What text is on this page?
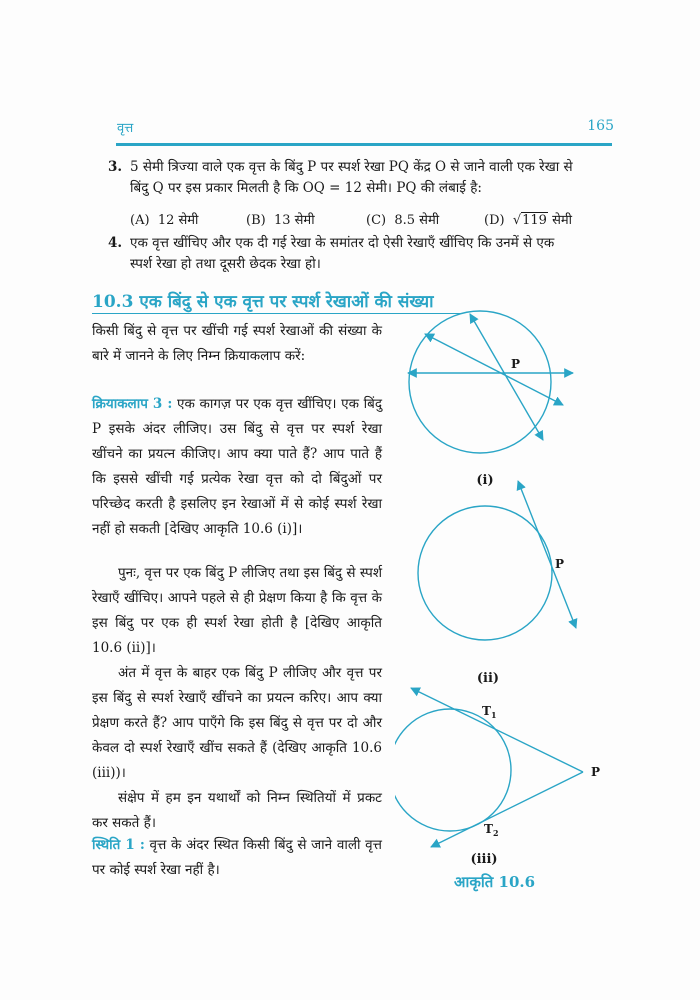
वृत्त	165
3. 5 सेमी त्रिज्या वाले एक वृत्त के बिंदु P पर स्पर्श रेखा PQ केंद्र O से जाने वाली एक रेखा से
बिंदु Q पर इस प्रकार मिलती है कि OQ = 12 सेमी। PQ की लंबाई है:
(A) 12 सेमी	(B) 13 सेमी	(C) 8.5 सेमी	(D)  √119 सेमी
4. एक वृत्त खींचिए और एक दी गई रेखा के समांतर दो ऐसी रेखाएँ खींचिए कि उनमें से एक
स्पर्श रेखा हो तथा दूसरी छेदक रेखा हो।
10.3 एक बिंदु से एक वृत्त पर स्पर्श रेखाओं की संख्या
किसी बिंदु से वृत्त पर खींची गई स्पर्श रेखाओं की संख्या के बारे में जानने के लिए निम्न क्रियाकलाप करें:
क्रियाकलाप 3 : एक कागज़ पर एक वृत्त खींचिए। एक बिंदु P इसके अंदर लीजिए। उस बिंदु से वृत्त पर स्पर्श रेखा खींचने का प्रयत्न कीजिए। आप क्या पाते हैं? आप पाते हैं कि इससे खींची गई प्रत्येक रेखा वृत्त को दो बिंदुओं पर परिच्छेद करती है इसलिए इन रेखाओं में से कोई स्पर्श रेखा नहीं हो सकती [देखिए आकृति 10.6 (i)]।
पुनः, वृत्त पर एक बिंदु P लीजिए तथा इस बिंदु से स्पर्श रेखाएँ खींचिए। आपने पहले से ही प्रेक्षण किया है कि वृत्त के इस बिंदु पर एक ही स्पर्श रेखा होती है [देखिए आकृति 10.6 (ii)]।
अंत में वृत्त के बाहर एक बिंदु P लीजिए और वृत्त पर इस बिंदु से स्पर्श रेखाएँ खींचने का प्रयत्न करिए। आप क्या प्रेक्षण करते हैं? आप पाएँगे कि इस बिंदु से वृत्त पर दो और केवल दो स्पर्श रेखाएँ खींच सकते हैं (देखिए आकृति 10.6 (iii))।
संक्षेप में हम इन यथार्थों को निम्न स्थितियों में प्रकट कर सकते हैं।
स्थिति 1 : वृत्त के अंदर स्थित किसी बिंदु से जाने वाली वृत्त पर कोई स्पर्श रेखा नहीं है।
P
(i)
P
(ii)
$T_1$
P
$T_2$
(iii)
आकृति 10.6
